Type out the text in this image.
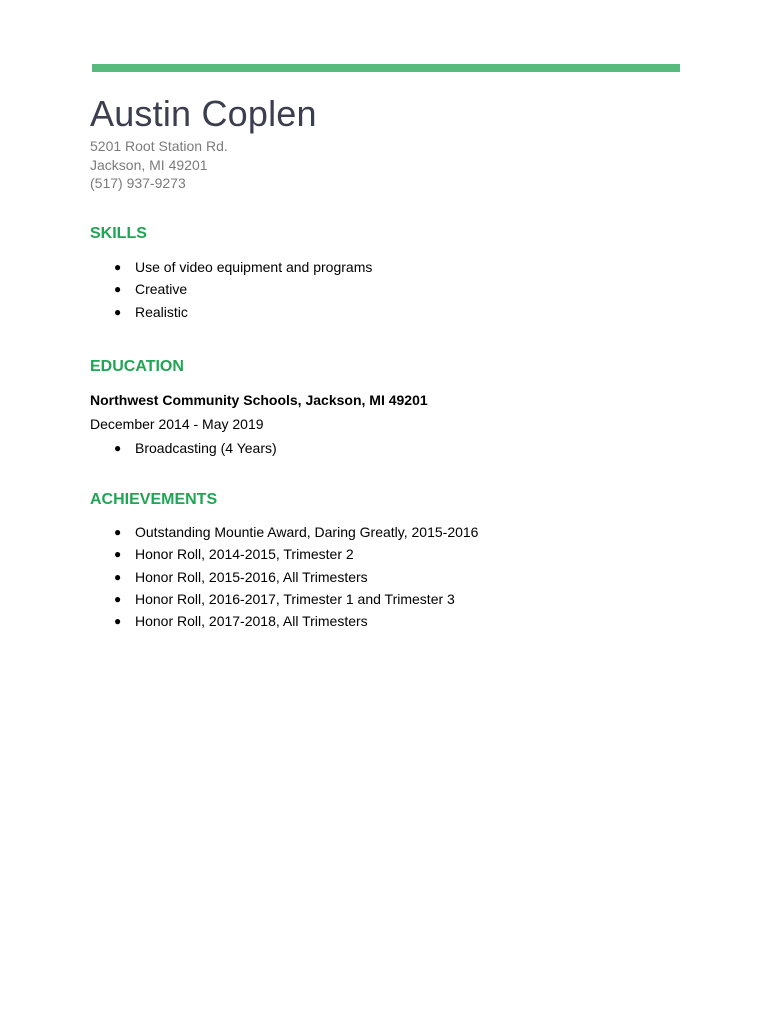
Austin Coplen
5201 Root Station Rd.
Jackson, MI 49201
(517) 937-9273
SKILLS
● Use of video equipment and programs
● Creative
● Realistic
EDUCATION
Northwest Community Schools, Jackson, MI 49201
December 2014 - May 2019
● Broadcasting (4 Years)
ACHIEVEMENTS
● Outstanding Mountie Award, Daring Greatly, 2015-2016
● Honor Roll, 2014-2015, Trimester 2
● Honor Roll, 2015-2016, All Trimesters
● Honor Roll, 2016-2017, Trimester 1 and Trimester 3
● Honor Roll, 2017-2018, All Trimesters
